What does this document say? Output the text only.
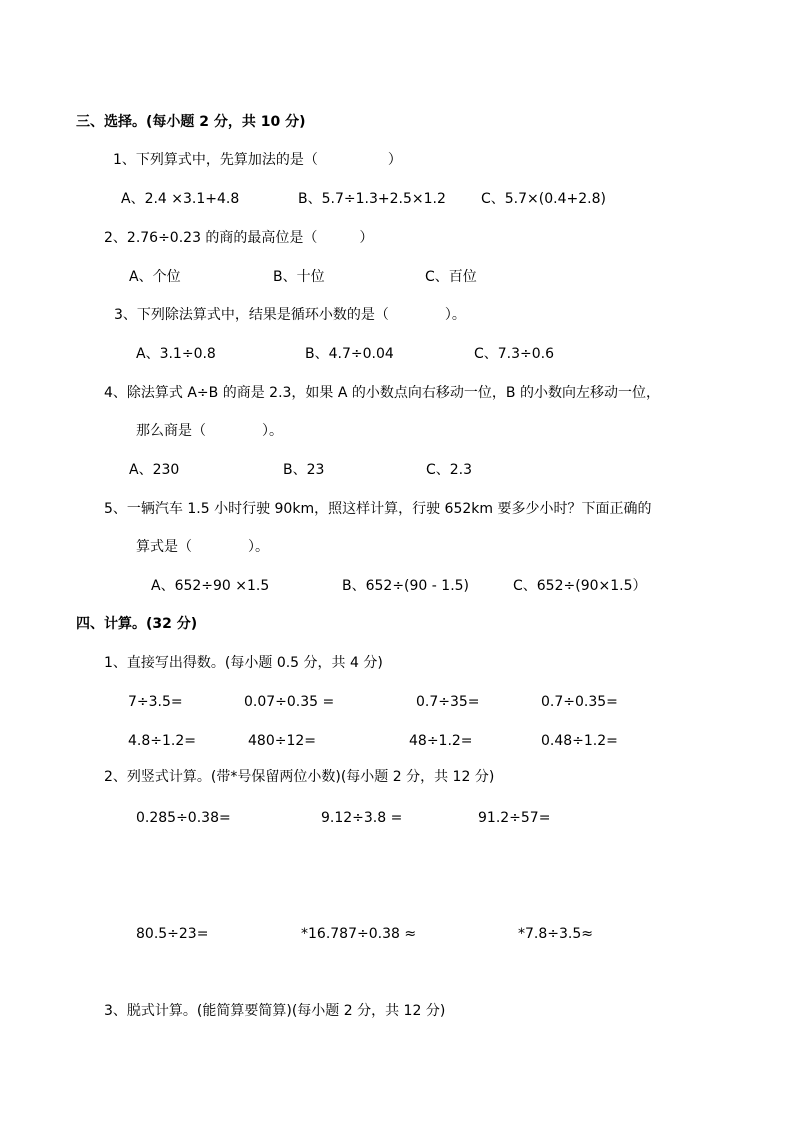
三、选择。(每小题 2 分，共 10 分)
1、下列算式中，先算加法的是（　　　　　）
A、2.4 ×3.1+4.8	B、5.7÷1.3+2.5×1.2	C、5.7×(0.4+2.8)
2、2.76÷0.23 的商的最高位是（　　　）
A、个位	B、十位	C、百位
3、下列除法算式中，结果是循环小数的是（　　　　）。
A、3.1÷0.8	B、4.7÷0.04	C、7.3÷0.6
4、除法算式 A÷B 的商是 2.3，如果 A 的小数点向右移动一位，B 的小数向左移动一位，
那么商是（　　　　）。
A、230	B、23	C、2.3
5、一辆汽车 1.5 小时行驶 90km，照这样计算，行驶 652km 要多少小时？下面正确的
算式是（　　　　）。
A、652÷90 ×1.5	B、652÷(90 - 1.5)	C、652÷(90×1.5）
四、计算。(32 分)
1、直接写出得数。(每小题 0.5 分，共 4 分)
7÷3.5=	0.07÷0.35 =	0.7÷35=	0.7÷0.35=
4.8÷1.2=	480÷12=	48÷1.2=	0.48÷1.2=
2、列竖式计算。(带*号保留两位小数)(每小题 2 分，共 12 分)
0.285÷0.38=	9.12÷3.8 =	91.2÷57=
80.5÷23=	*16.787÷0.38 ≈	*7.8÷3.5≈
3、脱式计算。(能简算要简算)(每小题 2 分，共 12 分)
